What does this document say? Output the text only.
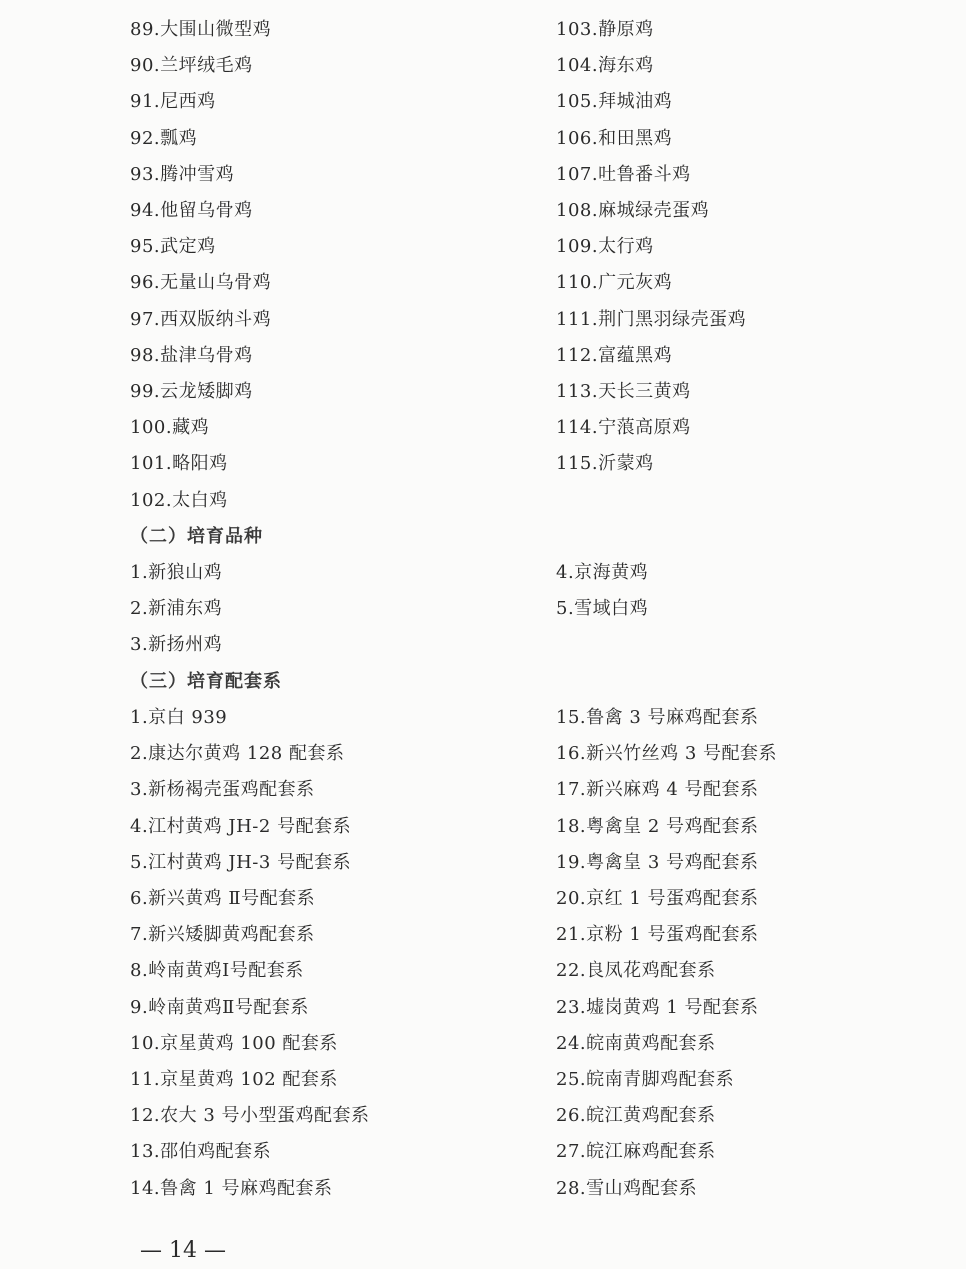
89.大围山微型鸡
90.兰坪绒毛鸡
91.尼西鸡
92.瓢鸡
93.腾冲雪鸡
94.他留乌骨鸡
95.武定鸡
96.无量山乌骨鸡
97.西双版纳斗鸡
98.盐津乌骨鸡
99.云龙矮脚鸡
100.藏鸡
101.略阳鸡
102.太白鸡
103.静原鸡
104.海东鸡
105.拜城油鸡
106.和田黑鸡
107.吐鲁番斗鸡
108.麻城绿壳蛋鸡
109.太行鸡
110.广元灰鸡
111.荆门黑羽绿壳蛋鸡
112.富蕴黑鸡
113.天长三黄鸡
114.宁蒗高原鸡
115.沂蒙鸡
（二）培育品种
1.新狼山鸡
2.新浦东鸡
3.新扬州鸡
4.京海黄鸡
5.雪域白鸡
（三）培育配套系
1.京白 939
2.康达尔黄鸡 128 配套系
3.新杨褐壳蛋鸡配套系
4.江村黄鸡 JH-2 号配套系
5.江村黄鸡 JH-3 号配套系
6.新兴黄鸡 Ⅱ号配套系
7.新兴矮脚黄鸡配套系
8.岭南黄鸡Ⅰ号配套系
9.岭南黄鸡Ⅱ号配套系
10.京星黄鸡 100 配套系
11.京星黄鸡 102 配套系
12.农大 3 号小型蛋鸡配套系
13.邵伯鸡配套系
14.鲁禽 1 号麻鸡配套系
15.鲁禽 3 号麻鸡配套系
16.新兴竹丝鸡 3 号配套系
17.新兴麻鸡 4 号配套系
18.粤禽皇 2 号鸡配套系
19.粤禽皇 3 号鸡配套系
20.京红 1 号蛋鸡配套系
21.京粉 1 号蛋鸡配套系
22.良凤花鸡配套系
23.墟岗黄鸡 1 号配套系
24.皖南黄鸡配套系
25.皖南青脚鸡配套系
26.皖江黄鸡配套系
27.皖江麻鸡配套系
28.雪山鸡配套系
— 14 —
